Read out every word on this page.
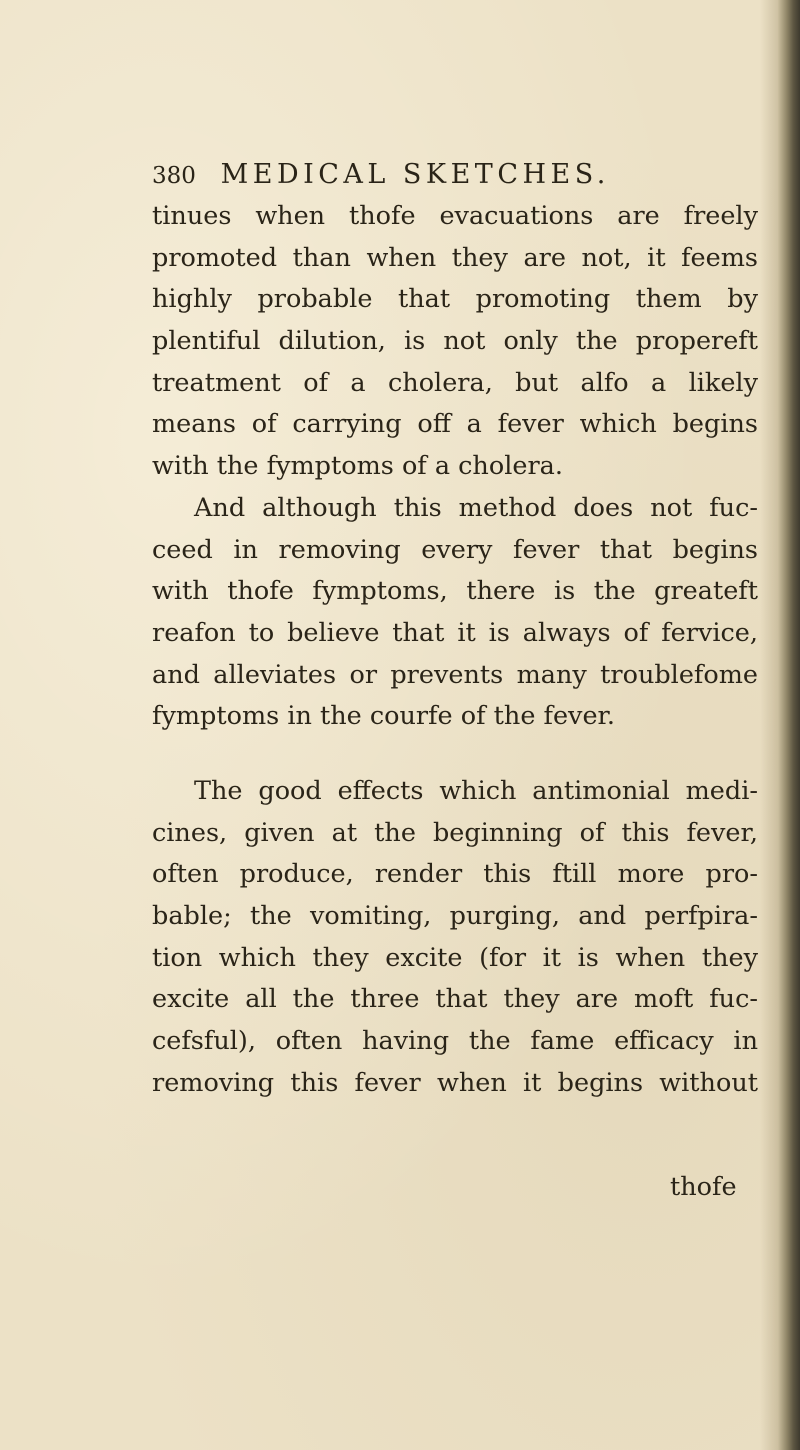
380 MEDICAL SKETCHES.
tinues when thofe evacuations are freely
promoted than when they are not, it feems
highly probable that promoting them by
plentiful dilution, is not only the propereft
treatment of a cholera, but alfo a likely
means of carrying off a fever which begins
with the fymptoms of a cholera.
And although this method does not fuc-
ceed in removing every fever that begins
with thofe fymptoms, there is the greateft
reafon to believe that it is always of fervice,
and alleviates or prevents many troublefome
fymptoms in the courfe of the fever.
The good effects which antimonial medi-
cines, given at the beginning of this fever,
often produce, render this ftill more pro-
bable; the vomiting, purging, and perfpira-
tion which they excite (for it is when they
excite all the three that they are moft fuc-
cefsful), often having the fame efficacy in
removing this fever when it begins without
thofe
